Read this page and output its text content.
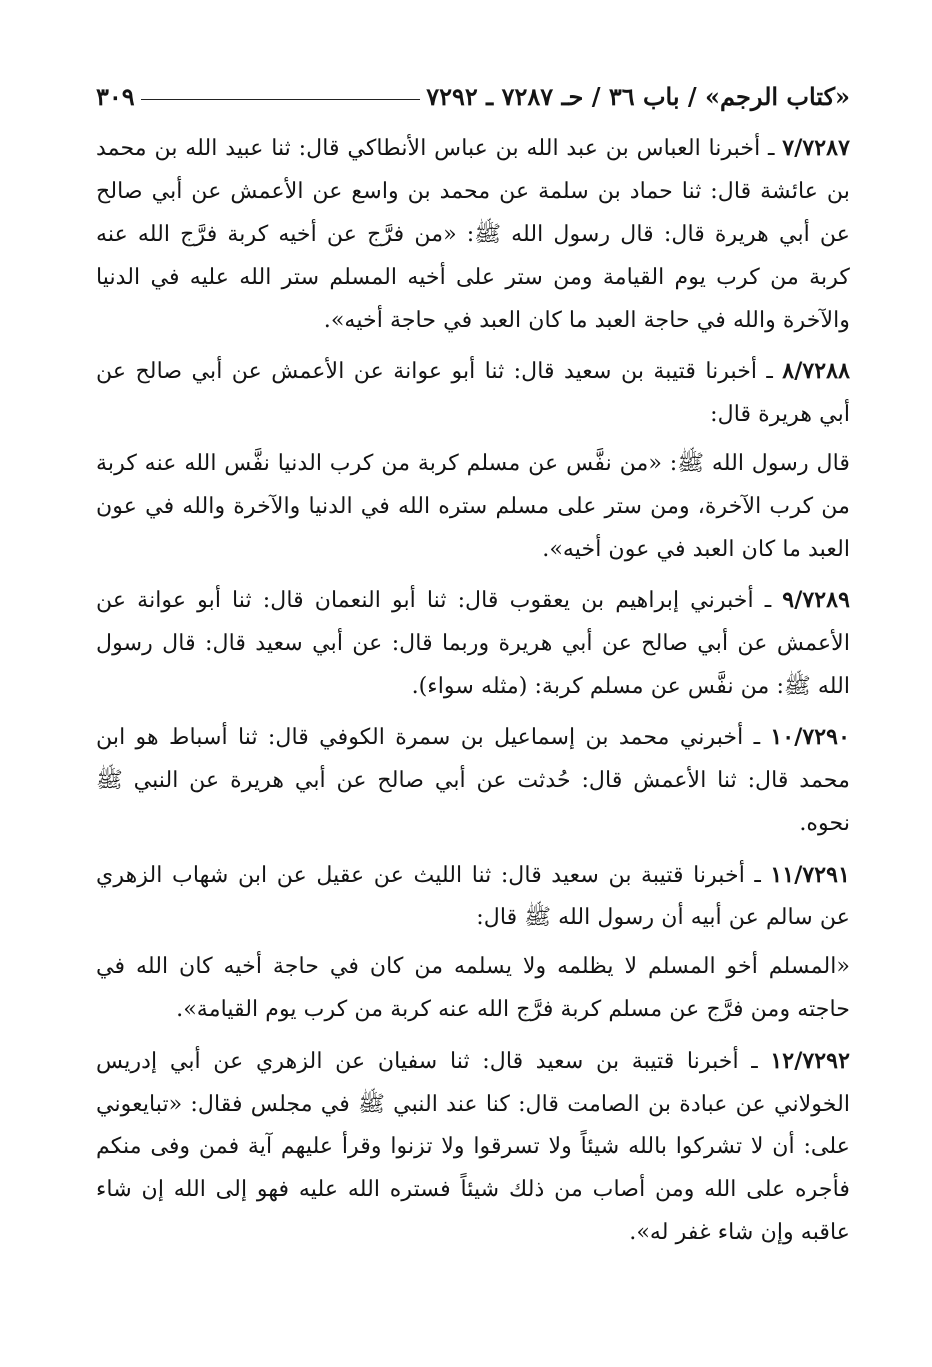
«كتاب الرجم» / باب ٣٦ / حـ ٧٢٨٧ ـ ٧٢٩٢
٣٠٩

٧/٧٢٨٧ ـ أخبرنا العباس بن عبد الله بن عباس الأنطاكي قال: ثنا عبيد الله بن محمد بن عائشة قال: ثنا حماد بن سلمة عن محمد بن واسع عن الأعمش عن أبي صالح عن أبي هريرة قال: قال رسول الله ﷺ: «من فرَّج عن أخيه كربة فرَّج الله عنه كربة من كرب يوم القيامة ومن ستر على أخيه المسلم ستر الله عليه في الدنيا والآخرة والله في حاجة العبد ما كان العبد في حاجة أخيه».

٨/٧٢٨٨ ـ أخبرنا قتيبة بن سعيد قال: ثنا أبو عوانة عن الأعمش عن أبي صالح عن أبي هريرة قال:

قال رسول الله ﷺ: «من نفَّس عن مسلم كربة من كرب الدنيا نفَّس الله عنه كربة من كرب الآخرة، ومن ستر على مسلم ستره الله في الدنيا والآخرة والله في عون العبد ما كان العبد في عون أخيه».

٩/٧٢٨٩ ـ أخبرني إبراهيم بن يعقوب قال: ثنا أبو النعمان قال: ثنا أبو عوانة عن الأعمش عن أبي صالح عن أبي هريرة وربما قال: عن أبي سعيد قال: قال رسول الله ﷺ: من نفَّس عن مسلم كربة: (مثله سواء).

١٠/٧٢٩٠ ـ أخبرني محمد بن إسماعيل بن سمرة الكوفي قال: ثنا أسباط هو ابن محمد قال: ثنا الأعمش قال: حُدثت عن أبي صالح عن أبي هريرة عن النبي ﷺ نحوه.

١١/٧٢٩١ ـ أخبرنا قتيبة بن سعيد قال: ثنا الليث عن عقيل عن ابن شهاب الزهري عن سالم عن أبيه أن رسول الله ﷺ قال:

«المسلم أخو المسلم لا يظلمه ولا يسلمه من كان في حاجة أخيه كان الله في حاجته ومن فرَّج عن مسلم كربة فرَّج الله عنه كربة من كرب يوم القيامة».

١٢/٧٢٩٢ ـ أخبرنا قتيبة بن سعيد قال: ثنا سفيان عن الزهري عن أبي إدريس الخولاني عن عبادة بن الصامت قال: كنا عند النبي ﷺ في مجلس فقال: «تبايعوني على: أن لا تشركوا بالله شيئاً ولا تسرقوا ولا تزنوا وقرأ عليهم آية فمن وفى منكم فأجره على الله ومن أصاب من ذلك شيئاً فستره الله عليه فهو إلى الله إن شاء عاقبه وإن شاء غفر له».
